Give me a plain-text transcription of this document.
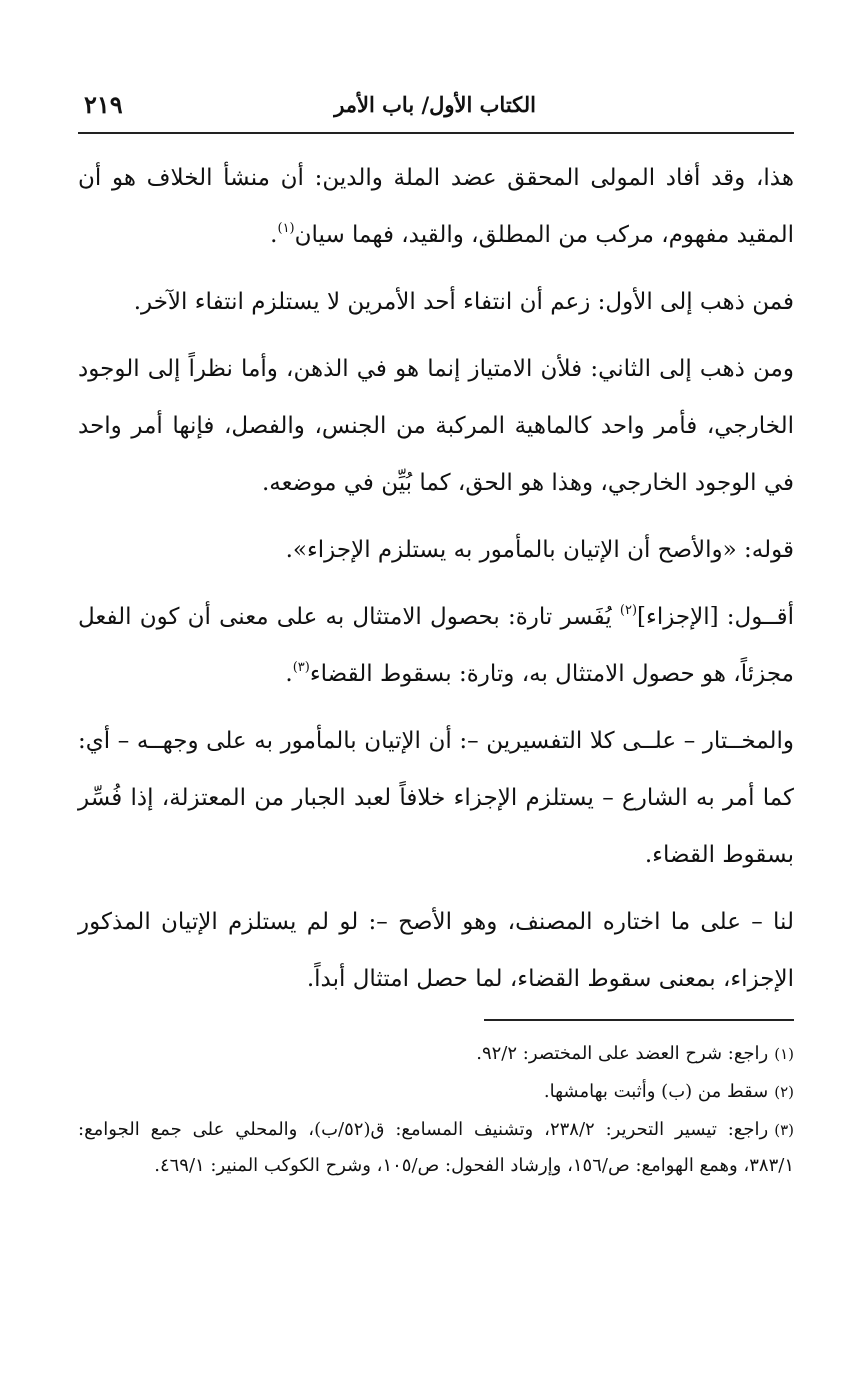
الكتاب الأول/ باب الأمر
٢١٩

هذا، وقد أفاد المولى المحقق عضد الملة والدين: أن منشأ الخلاف هو أن المقيد مفهوم، مركب من المطلق، والقيد، فهما سيان$^{(١)}$.

فمن ذهب إلى الأول: زعم أن انتفاء أحد الأمرين لا يستلزم انتفاء الآخر.

ومن ذهب إلى الثاني: فلأن الامتياز إنما هو في الذهن، وأما نظراً إلى الوجود الخارجي، فأمر واحد كالماهية المركبة من الجنس، والفصل، فإنها أمر واحد في الوجود الخارجي، وهذا هو الحق، كما بُيِّن في موضعه.

قوله: «والأصح أن الإتيان بالمأمور به يستلزم الإجزاء».

أقــول: [الإجزاء]$^{(٢)}$ يُفَسر تارة: بحصول الامتثال به على معنى أن كون الفعل مجزئاً، هو حصول الامتثال به، وتارة: بسقوط القضاء$^{(٣)}$.

والمخــتار – علــى كلا التفسيرين –: أن الإتيان بالمأمور به على وجهــه – أي: كما أمر به الشارع – يستلزم الإجزاء خلافاً لعبد الجبار من المعتزلة، إذا فُسِّر بسقوط القضاء.

لنا – على ما اختاره المصنف، وهو الأصح –: لو لم يستلزم الإتيان المذكور الإجزاء، بمعنى سقوط القضاء، لما حصل امتثال أبداً.

(١)راجع: شرح العضد على المختصر: ٩٢/٢.

(٢)سقط من (ب) وأثبت بهامشها.

(٣)راجع: تيسير التحرير: ٢٣٨/٢، وتشنيف المسامع: ق(٥٢/ب)، والمحلي على جمع الجوامع: ٣٨٣/١، وهمع الهوامع: ص/١٥٦، وإرشاد الفحول: ص/١٠٥، وشرح الكوكب المنير: ٤٦٩/١.
